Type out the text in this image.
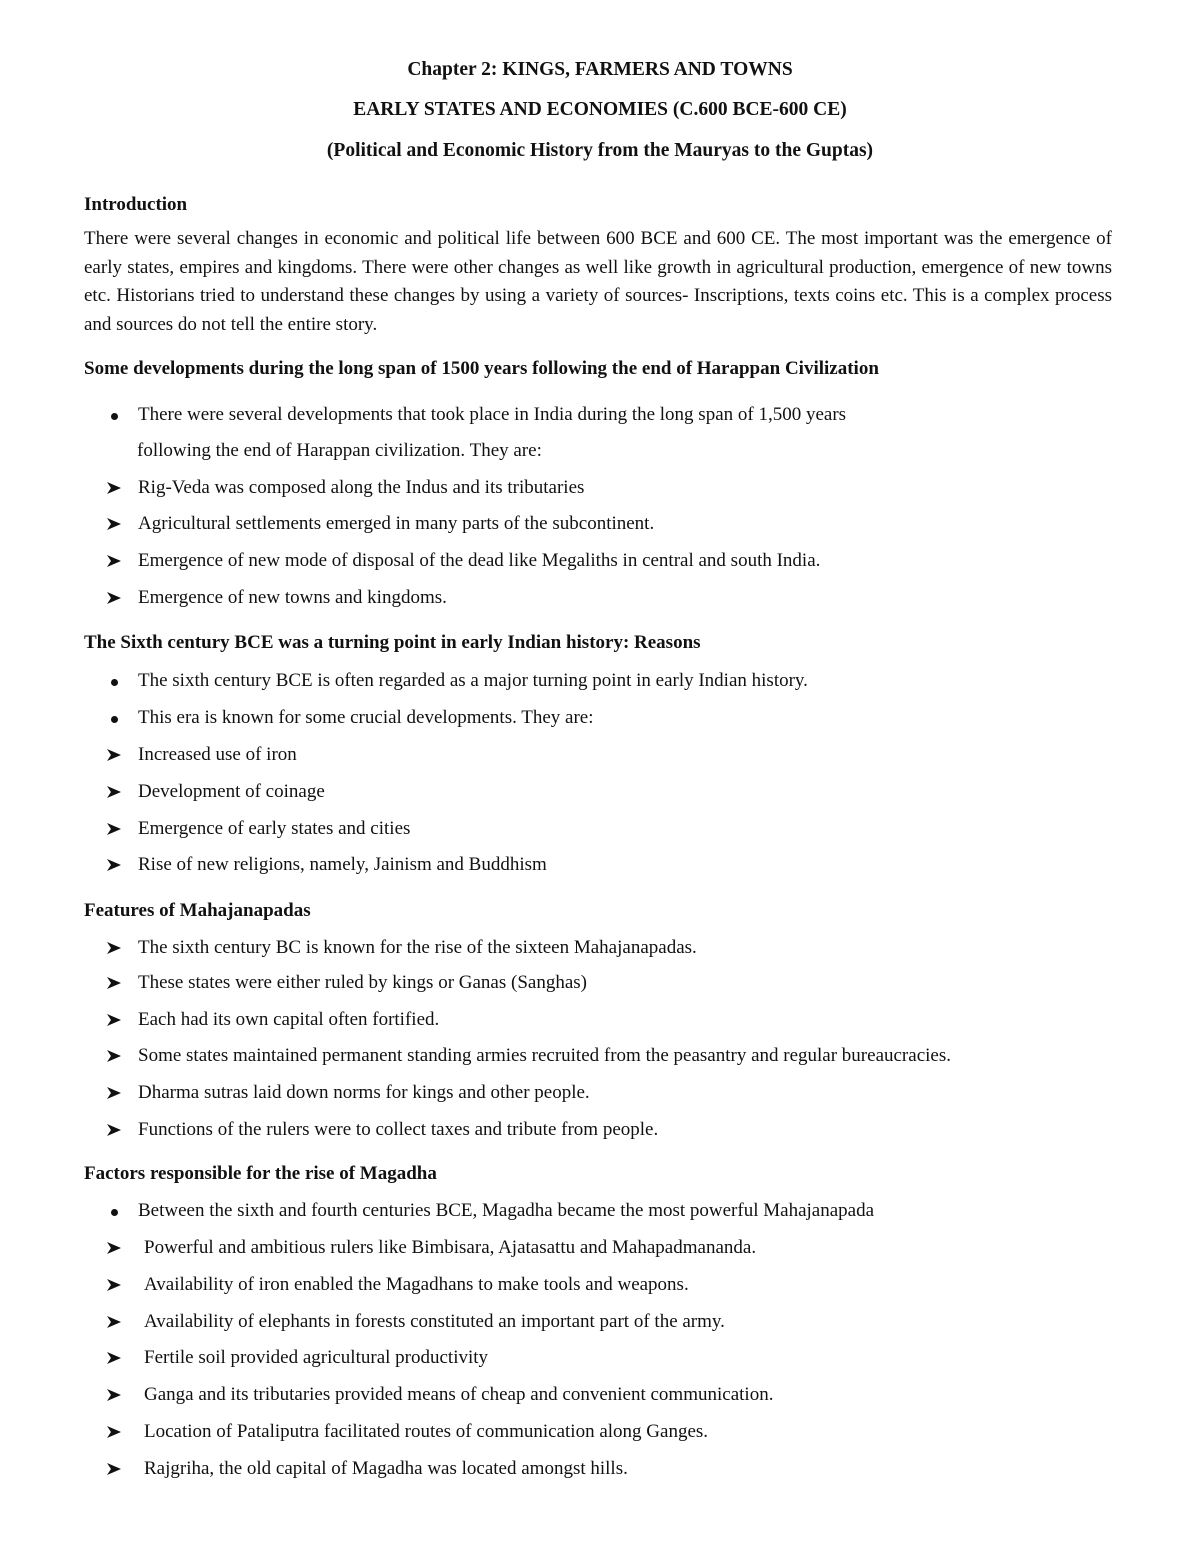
Chapter 2: KINGS, FARMERS AND TOWNS
EARLY STATES AND ECONOMIES (C.600 BCE-600 CE)
(Political and Economic History from the Mauryas to the Guptas)
Introduction
There were several changes in economic and political life between 600 BCE and 600 CE. The most important was the emergence of early states, empires and kingdoms. There were other changes as well like growth in agricultural production, emergence of new towns etc. Historians tried to understand these changes by using a variety of sources- Inscriptions, texts coins etc. This is a complex process and sources do not tell the entire story.
Some developments during the long span of 1500 years following the end of Harappan Civilization
There were several developments that took place in India during the long span of 1,500 years
following the end of Harappan civilization. They are:
Rig-Veda was composed along the Indus and its tributaries
Agricultural settlements emerged in many parts of the subcontinent.
Emergence of new mode of disposal of the dead like Megaliths in central and south India.
Emergence of new towns and kingdoms.
The Sixth century BCE was a turning point in early Indian history: Reasons
The sixth century BCE is often regarded as a major turning point in early Indian history.
This era is known for some crucial developments. They are:
Increased use of iron
Development of coinage
Emergence of early states and cities
Rise of new religions, namely, Jainism and Buddhism
Features of Mahajanapadas
The sixth century BC is known for the rise of the sixteen Mahajanapadas.
These states were either ruled by kings or Ganas (Sanghas)
Each had its own capital often fortified.
Some states maintained permanent standing armies recruited from the peasantry and regular bureaucracies.
Dharma sutras laid down norms for kings and other people.
Functions of the rulers were to collect taxes and tribute from people.
Factors responsible for the rise of Magadha
Between the sixth and fourth centuries BCE, Magadha became the most powerful Mahajanapada
Powerful and ambitious rulers like Bimbisara, Ajatasattu and Mahapadmananda.
Availability of iron enabled the Magadhans to make tools and weapons.
Availability of elephants in forests constituted an important part of the army.
Fertile soil provided agricultural productivity
Ganga and its tributaries provided means of cheap and convenient communication.
Location of Pataliputra facilitated routes of communication along Ganges.
Rajgriha, the old capital of Magadha was located amongst hills.
